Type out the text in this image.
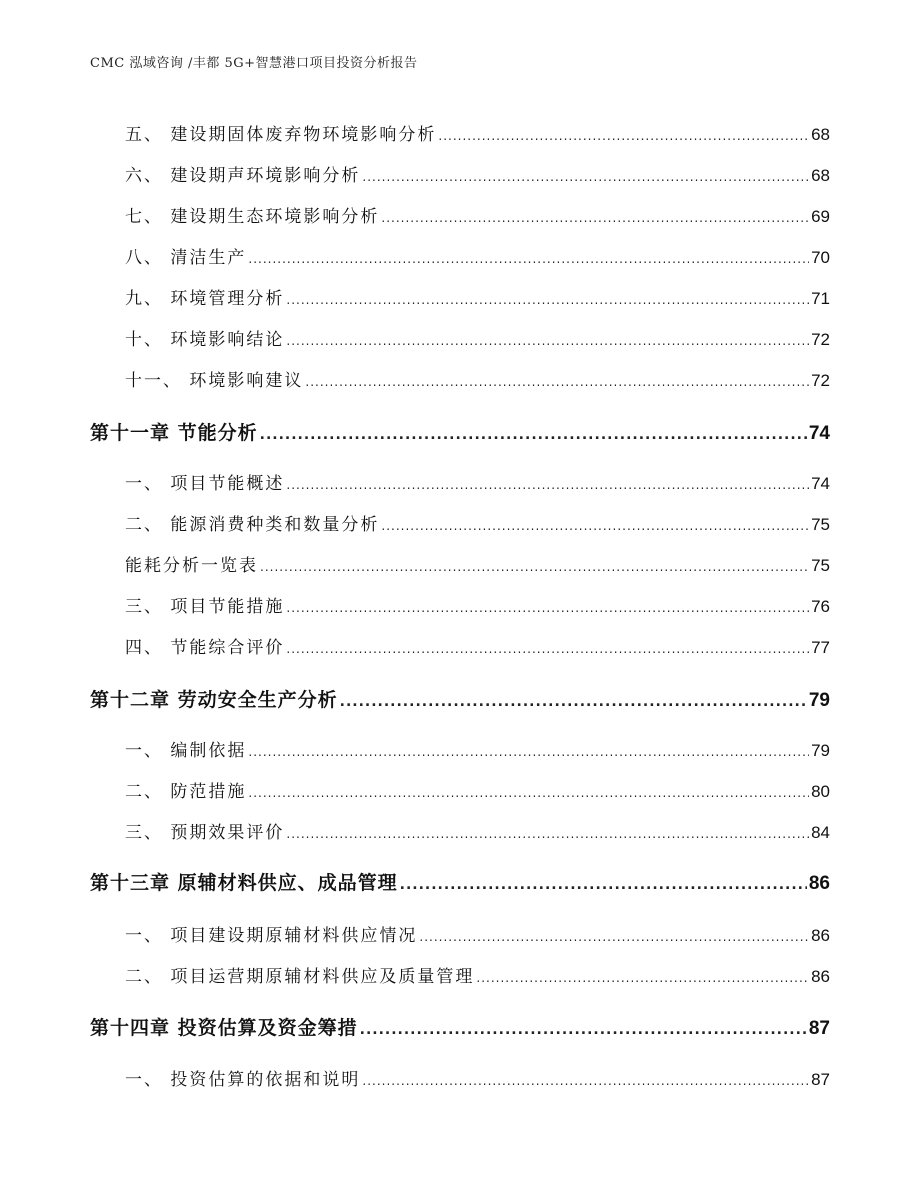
CMC 泓域咨询 /丰都 5G+智慧港口项目投资分析报告
五、 建设期固体废弃物环境影响分析 .....	68
六、 建设期声环境影响分析 .....	68
七、 建设期生态环境影响分析 .....	69
八、 清洁生产 .....	70
九、 环境管理分析 .....	71
十、 环境影响结论 .....	72
十一、 环境影响建议 .....	72
第十一章 节能分析 .....	74
一、 项目节能概述 .....	74
二、 能源消费种类和数量分析 .....	75
能耗分析一览表 .....	75
三、 项目节能措施 .....	76
四、 节能综合评价 .....	77
第十二章 劳动安全生产分析 .....	79
一、 编制依据 .....	79
二、 防范措施 .....	80
三、 预期效果评价 .....	84
第十三章 原辅材料供应、成品管理 .....	86
一、 项目建设期原辅材料供应情况 .....	86
二、 项目运营期原辅材料供应及质量管理 .....	86
第十四章 投资估算及资金筹措 .....	87
一、 投资估算的依据和说明 .....	87
